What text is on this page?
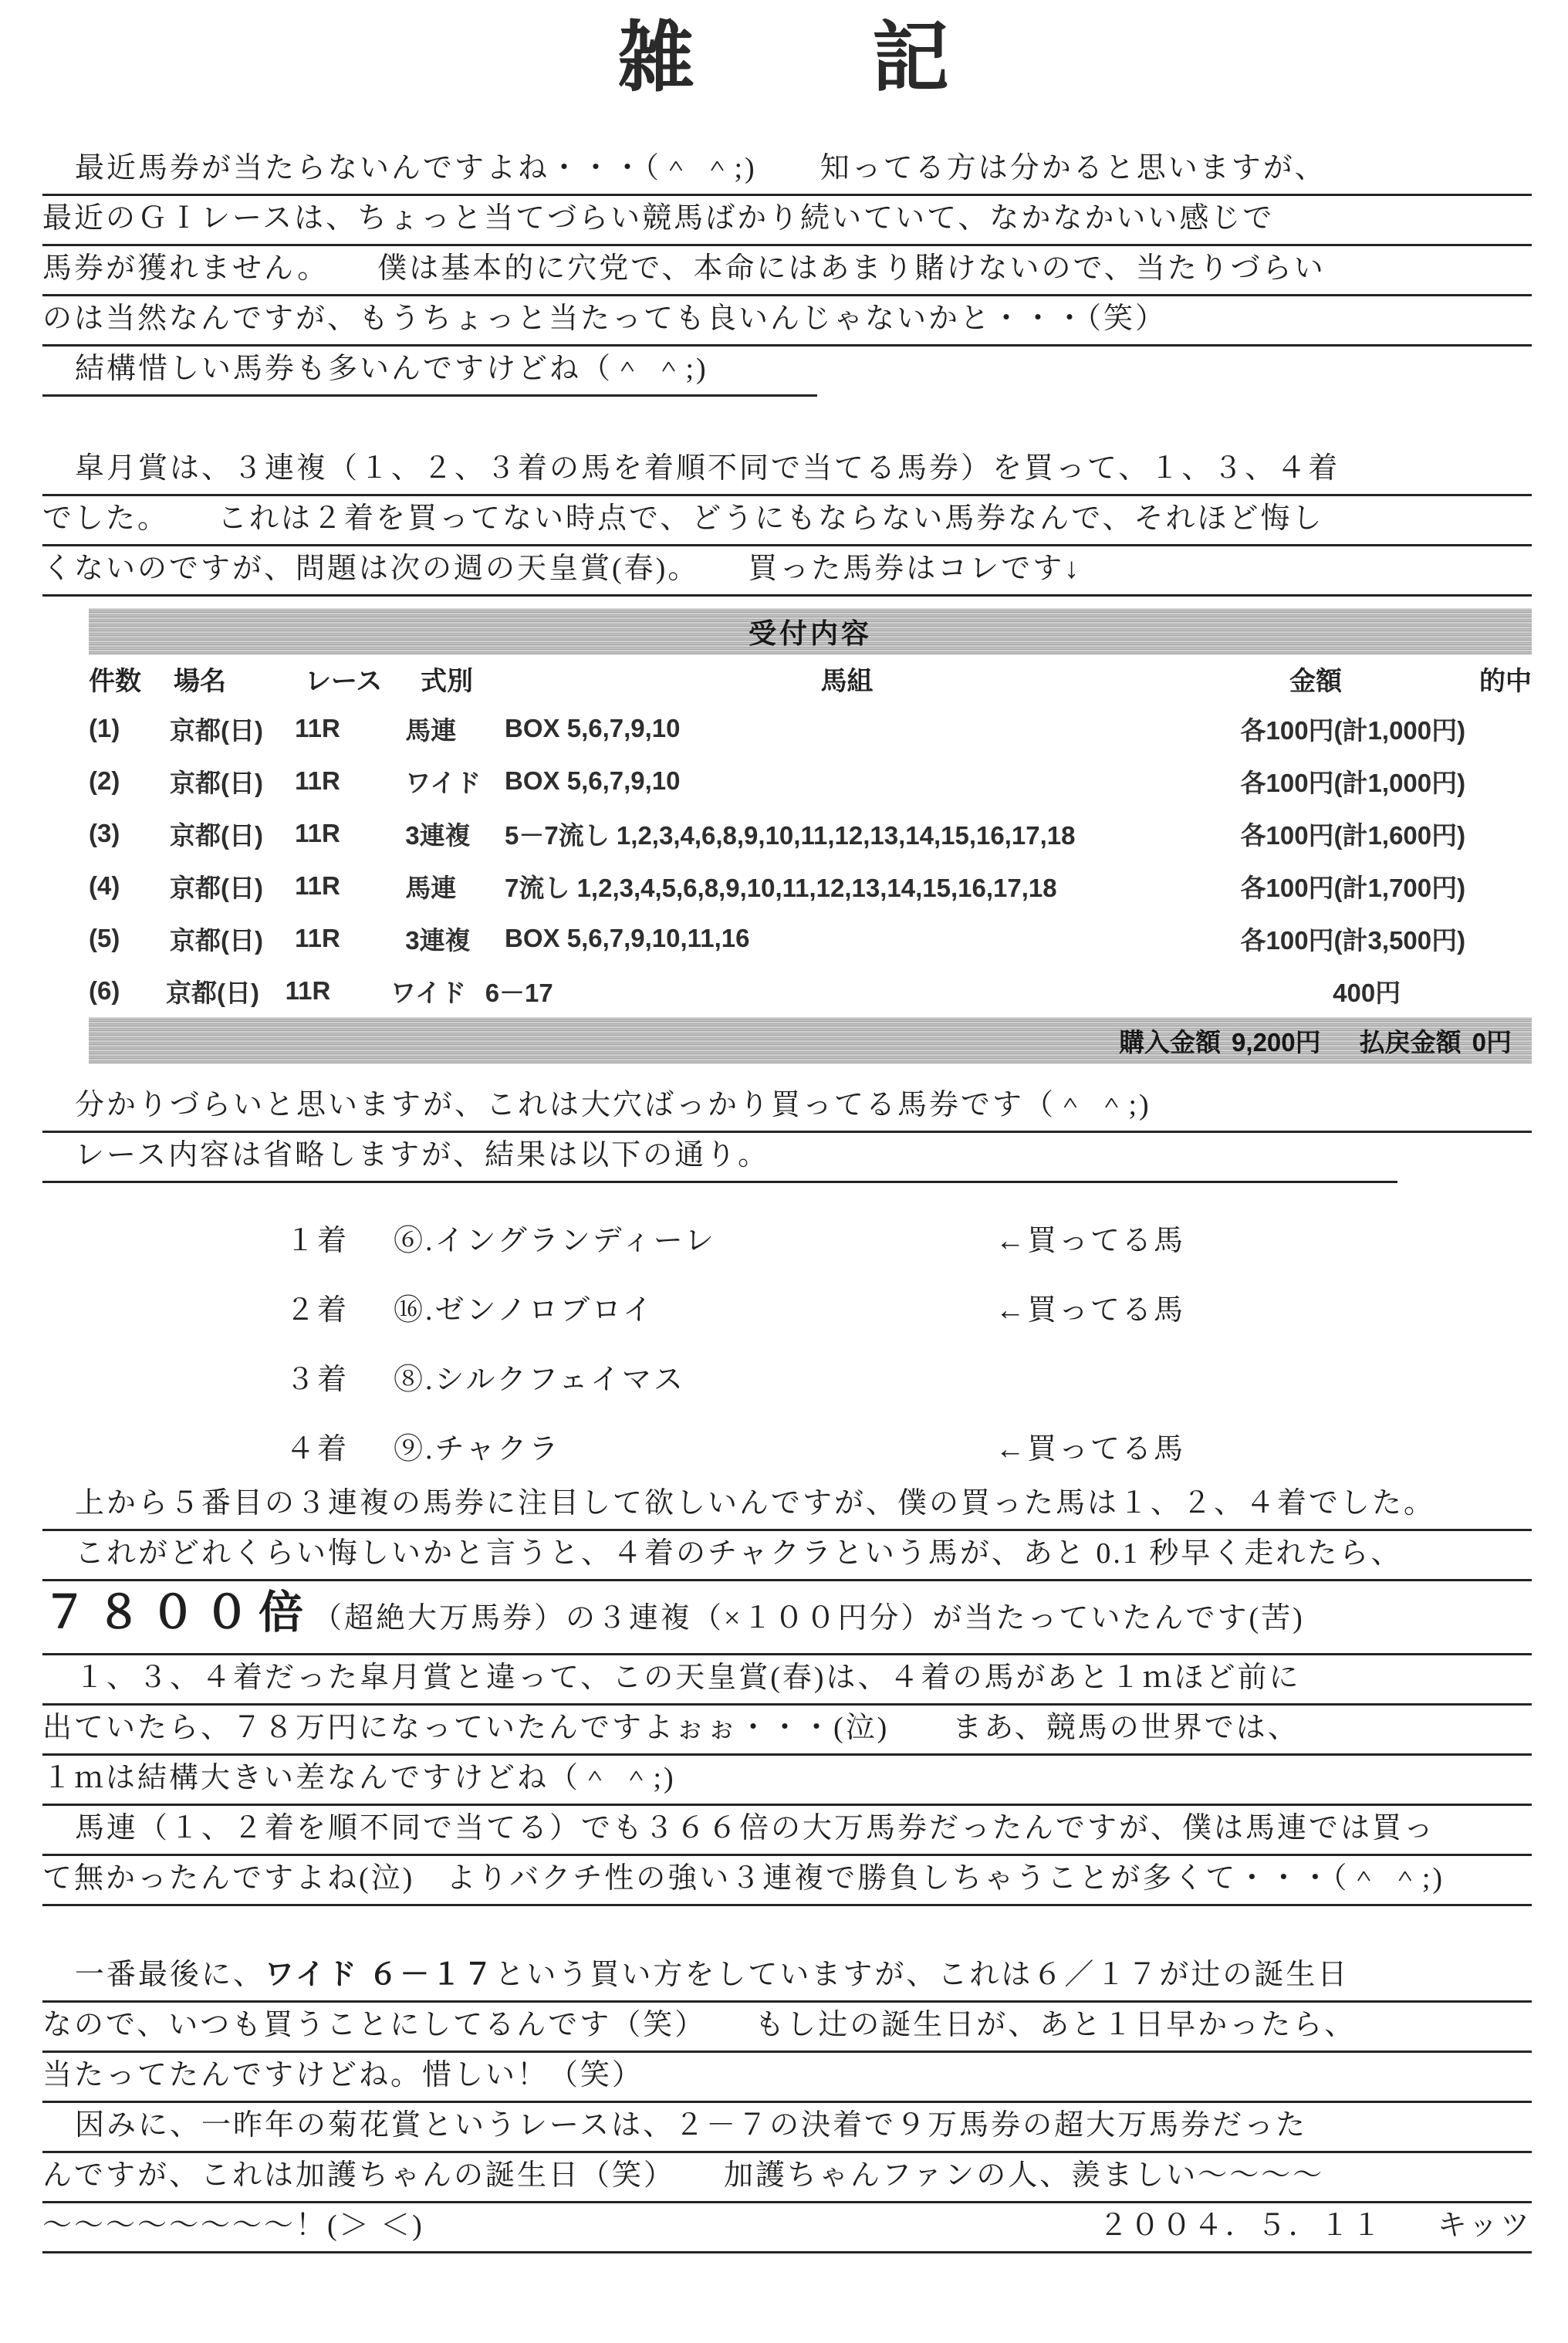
雑　　記
最近馬券が当たらないんですよね・・・（＾ ＾;)　　知ってる方は分かると思いますが、
最近のＧＩレースは、ちょっと当てづらい競馬ばかり続いていて、なかなかいい感じで
馬券が獲れません。　　僕は基本的に穴党で、本命にはあまり賭けないので、当たりづらい
のは当然なんですが、もうちょっと当たっても良いんじゃないかと・・・（笑）
結構惜しい馬券も多いんですけどね（＾ ＾;)
皐月賞は、３連複（１、２、３着の馬を着順不同で当てる馬券）を買って、１、３、４着
でした。　　これは２着を買ってない時点で、どうにもならない馬券なんで、それほど悔し
くないのですが、問題は次の週の天皇賞(春)。　　買った馬券はコレです↓
受付内容
件数	場名	レース	式別	馬組	金額	的中
(1)	京都(日)	11R	馬連	BOX 5,6,7,9,10	各100円(計1,000円)
(2)	京都(日)	11R	ワイド BOX 5,6,7,9,10	各100円(計1,000円)
(3)	京都(日)	11R	3連複	5－7流し 1,2,3,4,6,8,9,10,11,12,13,14,15,16,17,18	各100円(計1,600円)
(4)	京都(日)	11R	馬連	7流し 1,2,3,4,5,6,8,9,10,11,12,13,14,15,16,17,18	各100円(計1,700円)
(5)	京都(日)	11R	3連複	BOX 5,6,7,9,10,11,16	各100円(計3,500円)
(6)	京都(日)	11R	ワイド 6－17	400円
購入金額 9,200円 払戻金額 0円
分かりづらいと思いますが、これは大穴ばっかり買ってる馬券です（＾ ＾;)
レース内容は省略しますが、結果は以下の通り。
１着	⑥.イングランディーレ	←買ってる馬
２着	⑯.ゼンノロブロイ	←買ってる馬
３着	⑧.シルクフェイマス
４着	⑨.チャクラ	←買ってる馬
上から５番目の３連複の馬券に注目して欲しいんですが、僕の買った馬は１、２、４着でした。
これがどれくらい悔しいかと言うと、４着のチャクラという馬が、あと 0.1 秒早く走れたら、
７８００倍（超絶大万馬券）の３連複（×１００円分）が当たっていたんです(苦)
１、３、４着だった皐月賞と違って、この天皇賞(春)は、４着の馬があと１ｍほど前に
出ていたら、７８万円になっていたんですよぉぉ・・・(泣)　　まあ、競馬の世界では、
１ｍは結構大きい差なんですけどね（＾ ＾;)
馬連（１、２着を順不同で当てる）でも３６６倍の大万馬券だったんですが、僕は馬連では買っ
て無かったんですよね(泣)　よりバクチ性の強い３連複で勝負しちゃうことが多くて・・・（＾ ＾;)
一番最後に、ワイド ６－１７という買い方をしていますが、これは６／１７が辻の誕生日
なので、いつも買うことにしてるんです（笑）　　もし辻の誕生日が、あと１日早かったら、
当たってたんですけどね。惜しい！（笑）
因みに、一昨年の菊花賞というレースは、２－７の決着で９万馬券の超大万馬券だった
んですが、これは加護ちゃんの誕生日（笑）　　加護ちゃんファンの人、羨ましい～～～～
～～～～～～～～！(＞ ＜)	２００４．５．１１ キッツ
